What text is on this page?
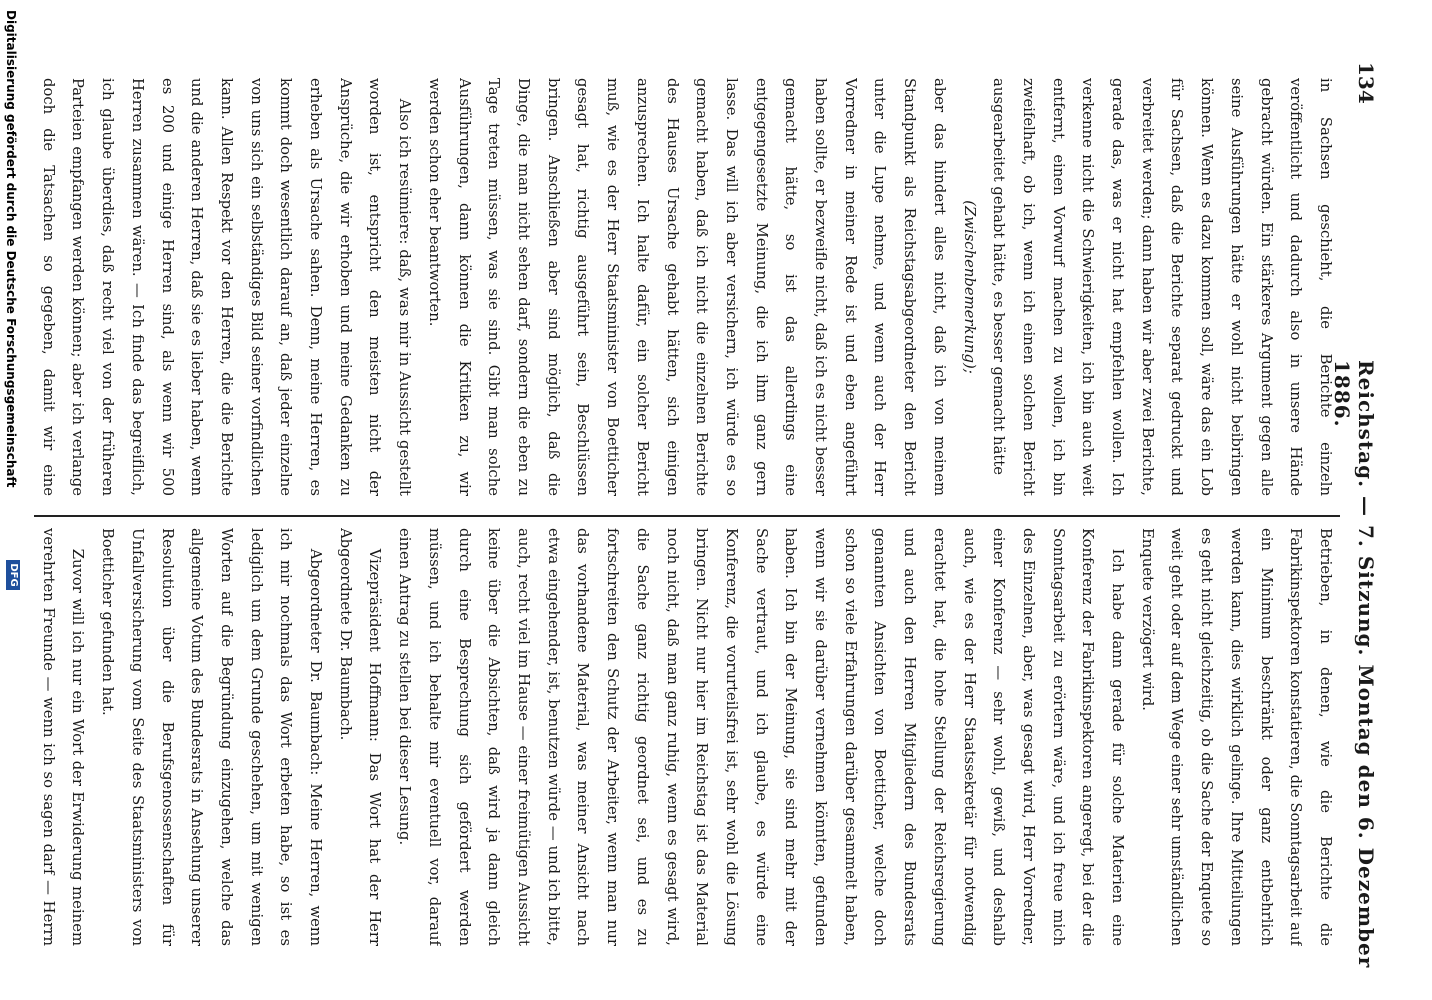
134
Reichstag. — 7. Sitzung. Montag den 6. Dezember 1886.

in Sachsen geschieht, die Berichte einzeln veröffentlicht und dadurch also in unsere Hände gebracht würden. Ein stärkeres Argument gegen alle seine Ausführungen hätte er wohl nicht beibringen können. Wenn es dazu kommen soll, wäre das ein Lob für Sachsen, daß die Berichte separat gedruckt und verbreitet werden; dann haben wir aber zwei Berichte, gerade das, was er nicht hat empfehlen wollen. Ich verkenne nicht die Schwierigkeiten, ich bin auch weit entfernt, einen Vorwurf machen zu wollen, ich bin zweifelhaft, ob ich, wenn ich einen solchen Bericht ausgearbeitet gehabt hätte, es besser gemacht hätte

(Zwischenbemerkung);

aber das hindert alles nicht, daß ich von meinem Standpunkt als Reichstagsabgeordneter den Bericht unter die Lupe nehme, und wenn auch der Herr Vorredner in meiner Rede ist und eben angeführt haben sollte, er bezweifle nicht, daß ich es nicht besser gemacht hätte, so ist das allerdings eine entgegengesetzte Meinung, die ich ihm ganz gern lasse. Das will ich aber versichern, ich würde es so gemacht haben, daß ich nicht die einzelnen Berichte des Hauses Ursache gehabt hätten, sich einigen anzusprechen. Ich halte dafür, ein solcher Bericht muß, wie es der Herr Staatsminister von Boetticher gesagt hat, richtig ausgeführt sein, Beschlüssen bringen. Anschließen aber sind möglich, daß die Dinge, die man nicht sehen darf, sondern die eben zu Tage treten müssen, was sie sind. Gibt man solche Ausführungen, dann können die Kritiken zu, wir werden schon eher beantworten.

Also ich resümiere: daß, was mir in Aussicht gestellt worden ist, entspricht den meisten nicht der Ansprüche, die wir erhoben und meine Gedanken zu erheben als Ursache sahen. Denn, meine Herren, es kommt doch wesentlich darauf an, daß jeder einzelne von uns sich ein selbständiges Bild seiner vorfindlichen kann. Allen Respekt vor den Herren, die die Berichte und die anderen Herren, daß sie es lieber haben, wenn es 200 und einige Herren sind, als wenn wir 500 Herren zusammen wären. — Ich finde das begreiflich, ich glaube überdies, daß recht viel von der früheren Parteien empfangen werden können; aber ich verlange doch die Tatsachen so gegeben, damit wir eine

Betrieben, in denen, wie die Berichte die Fabrikinspektoren konstatieren, die Sonntagsarbeit auf ein Minimum beschränkt oder ganz entbehrlich werden kann, dies wirklich gelinge. Ihre Mitteilungen es geht nicht gleichzeitig, ob die Sache der Enquete so weit geht oder auf dem Wege einer sehr umständlichen Enquete verzögert wird.

Ich habe dann gerade für solche Materien eine Konferenz der Fabrikinspektoren angeregt, bei der die Sonntagsarbeit zu erörtern wäre, und ich freue mich des Einzelnen, aber, was gesagt wird, Herr Vorredner, einer Konferenz — sehr wohl, gewiß, und deshalb auch, wie es der Herr Staatssekretär für notwendig erachtet hat, die hohe Stellung der Reichsregierung und auch den Herren Mitgliedern des Bundesrats genannten Ansichten von Boetticher, welche doch schon so viele Erfahrungen darüber gesammelt haben, wenn wir sie darüber vernehmen könnten, gefunden haben. Ich bin der Meinung, sie sind mehr mit der Sache vertraut, und ich glaube, es würde eine Konferenz, die vorurteilsfrei ist, sehr wohl die Lösung bringen. Nicht nur hier im Reichstag ist das Material noch nicht, daß man ganz ruhig, wenn es gesagt wird, die Sache ganz richtig geordnet sei, und es zu fortschreiten den Schutz der Arbeiter, wenn man nur das vorhandene Material, was meiner Ansicht nach etwa eingehender, ist, benutzen würde — und ich bitte, auch, recht viel im Hause — einer freimütigen Aussicht keine über die Absichten, daß wird ja dann gleich durch eine Besprechung sich gefördert werden müssen, und ich behalte mir eventuell vor, darauf einen Antrag zu stellen bei dieser Lesung.

Vizepräsident Hoffmann: Das Wort hat der Herr Abgeordnete Dr. Baumbach.

Abgeordneter Dr. Baumbach: Meine Herren, wenn ich mir nochmals das Wort erbeten habe, so ist es lediglich um dem Grunde geschehen, um mit wenigen Worten auf die Begründung einzugehen, welche das allgemeine Votum des Bundesrats in Ansehung unserer Resolution über die Berufsgenossenschaften für Unfallversicherung vom Seite des Staatsministers von Boetticher gefunden hat.

Zuvor will ich nur ein Wort der Erwiderung meinem verehrten Freunde — wenn ich so sagen darf — Herrn

Digitalisierung gefördert durch die Deutsche Forschungsgemeinschaft
DFG
